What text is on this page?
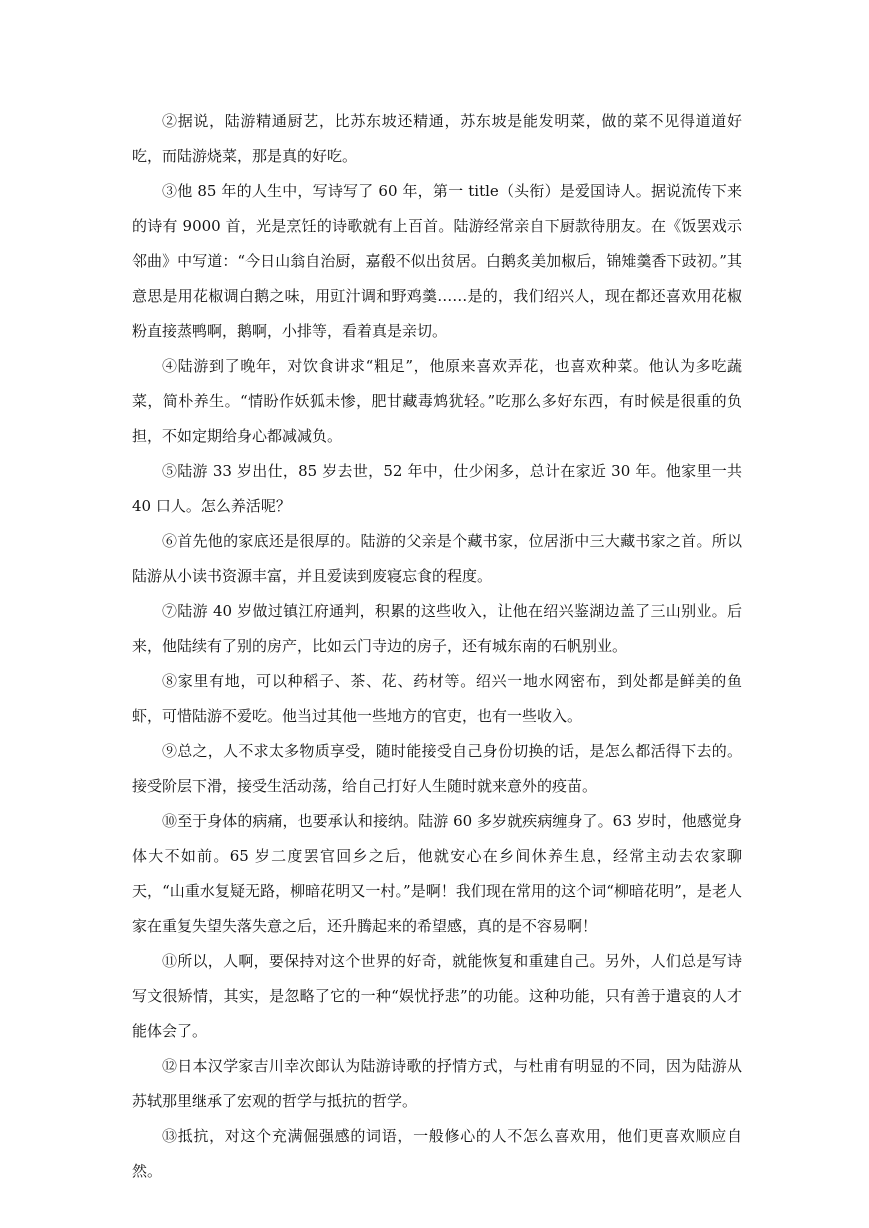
②据说，陆游精通厨艺，比苏东坡还精通，苏东坡是能发明菜，做的菜不见得道道好吃，而陆游烧菜，那是真的好吃。

③他 85 年的人生中，写诗写了 60 年，第一 title（头衔）是爱国诗人。据说流传下来的诗有 9000 首，光是烹饪的诗歌就有上百首。陆游经常亲自下厨款待朋友。在《饭罢戏示邻曲》中写道：“今日山翁自治厨，嘉殽不似出贫居。白鹅炙美加椒后，锦雉羹香下豉初。”其意思是用花椒调白鹅之味，用豇汁调和野鸡羹……是的，我们绍兴人，现在都还喜欢用花椒粉直接蒸鸭啊，鹅啊，小排等，看着真是亲切。

④陆游到了晚年，对饮食讲求“粗足”，他原来喜欢弄花，也喜欢种菜。他认为多吃蔬菜，简朴养生。“情盼作妖狐未惨，肥甘藏毒鸩犹轻。”吃那么多好东西，有时候是很重的负担，不如定期给身心都减减负。

⑤陆游 33 岁出仕，85 岁去世，52 年中，仕少闲多，总计在家近 30 年。他家里一共 40 口人。怎么养活呢？

⑥首先他的家底还是很厚的。陆游的父亲是个藏书家，位居浙中三大藏书家之首。所以陆游从小读书资源丰富，并且爱读到废寝忘食的程度。

⑦陆游 40 岁做过镇江府通判，积累的这些收入，让他在绍兴鉴湖边盖了三山别业。后来，他陆续有了别的房产，比如云门寺边的房子，还有城东南的石帆别业。

⑧家里有地，可以种稻子、茶、花、药材等。绍兴一地水网密布，到处都是鲜美的鱼虾，可惜陆游不爱吃。他当过其他一些地方的官吏，也有一些收入。

⑨总之，人不求太多物质享受，随时能接受自己身份切换的话，是怎么都活得下去的。接受阶层下滑，接受生活动荡，给自己打好人生随时就来意外的疫苗。

⑩至于身体的病痛，也要承认和接纳。陆游 60 多岁就疾病缠身了。63 岁时，他感觉身体大不如前。65 岁二度罢官回乡之后，他就安心在乡间休养生息，经常主动去农家聊天，“山重水复疑无路，柳暗花明又一村。”是啊！我们现在常用的这个词“柳暗花明”，是老人家在重复失望失落失意之后，还升腾起来的希望感，真的是不容易啊！

⑪所以，人啊，要保持对这个世界的好奇，就能恢复和重建自己。另外，人们总是写诗写文很矫情，其实，是忽略了它的一种“娱忧抒悲”的功能。这种功能，只有善于遣哀的人才能体会了。

⑫日本汉学家吉川幸次郎认为陆游诗歌的抒情方式，与杜甫有明显的不同，因为陆游从苏轼那里继承了宏观的哲学与抵抗的哲学。

⑬抵抗，对这个充满倔强感的词语，一般修心的人不怎么喜欢用，他们更喜欢顺应自然。
